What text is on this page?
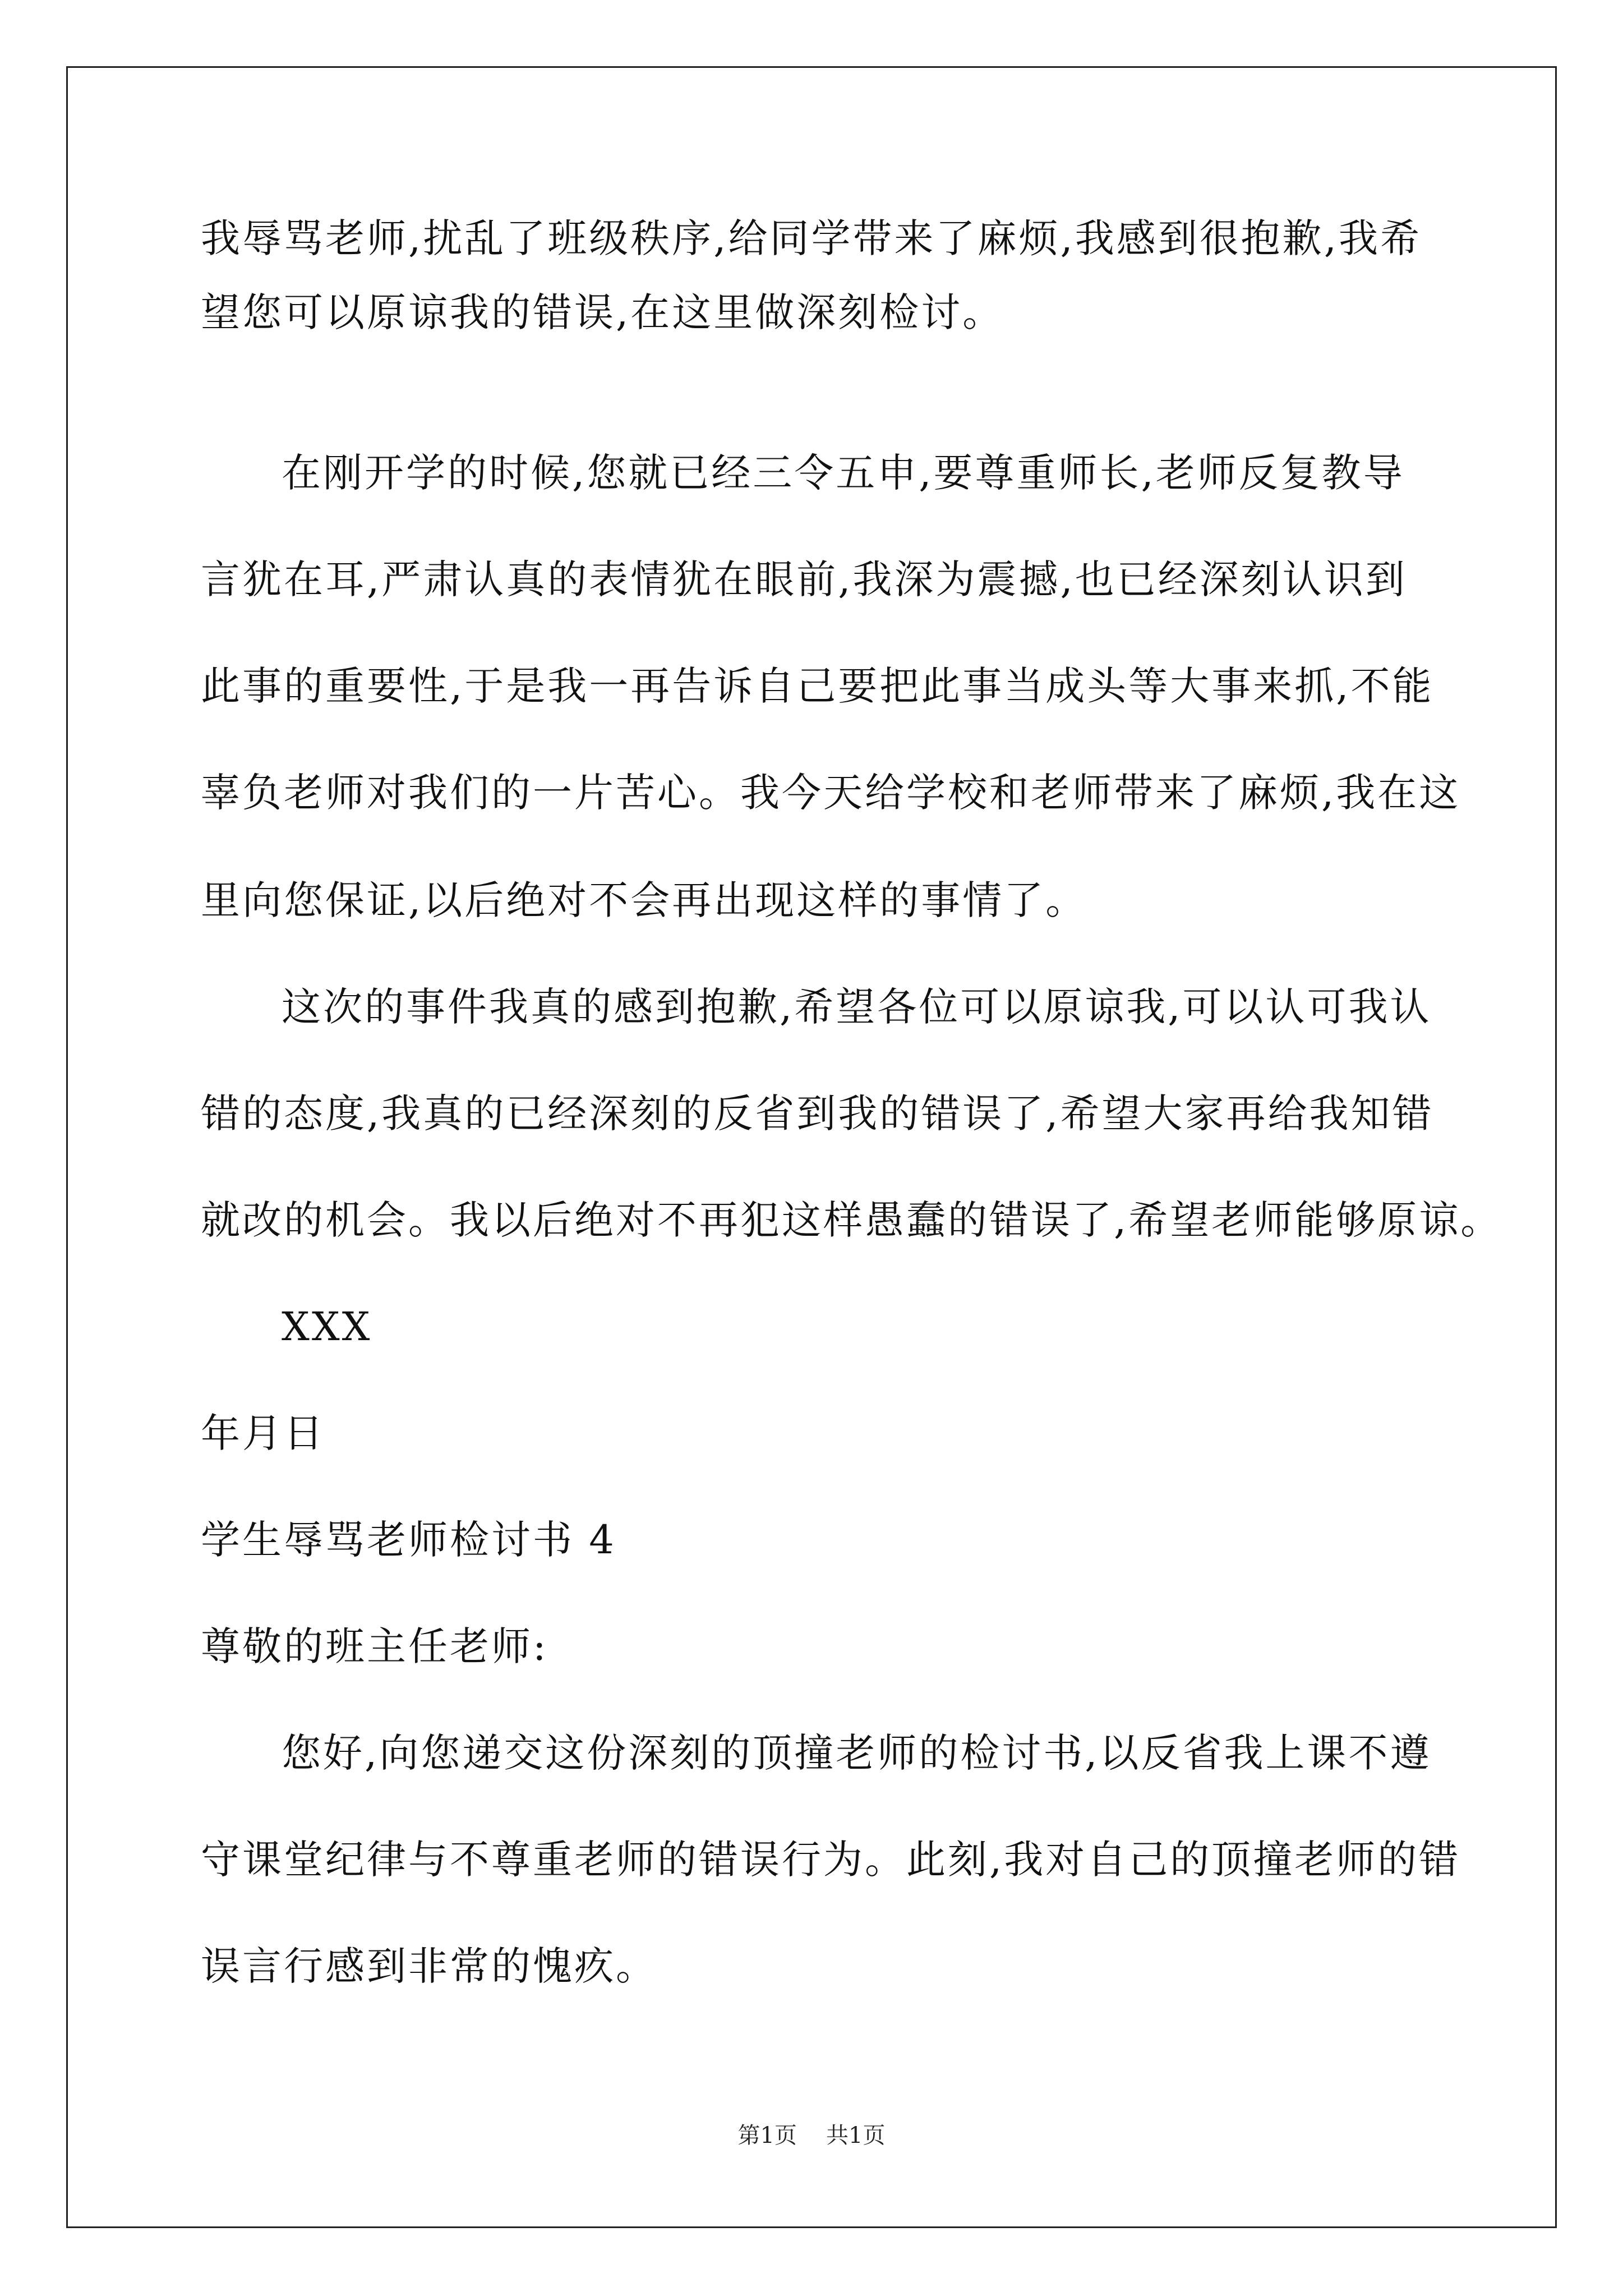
我辱骂老师,扰乱了班级秩序,给同学带来了麻烦,我感到很抱歉,我希
望您可以原谅我的错误,在这里做深刻检讨。
在刚开学的时候,您就已经三令五申,要尊重师长,老师反复教导
言犹在耳,严肃认真的表情犹在眼前,我深为震撼,也已经深刻认识到
此事的重要性,于是我一再告诉自己要把此事当成头等大事来抓,不能
辜负老师对我们的一片苦心。我今天给学校和老师带来了麻烦,我在这
里向您保证,以后绝对不会再出现这样的事情了。
这次的事件我真的感到抱歉,希望各位可以原谅我,可以认可我认
错的态度,我真的已经深刻的反省到我的错误了,希望大家再给我知错
就改的机会。我以后绝对不再犯这样愚蠢的错误了,希望老师能够原谅。
XXX
年月日
学生辱骂老师检讨书 4
尊敬的班主任老师:
您好,向您递交这份深刻的顶撞老师的检讨书,以反省我上课不遵
守课堂纪律与不尊重老师的错误行为。此刻,我对自己的顶撞老师的错
误言行感到非常的愧疚。
第1页 共1页
